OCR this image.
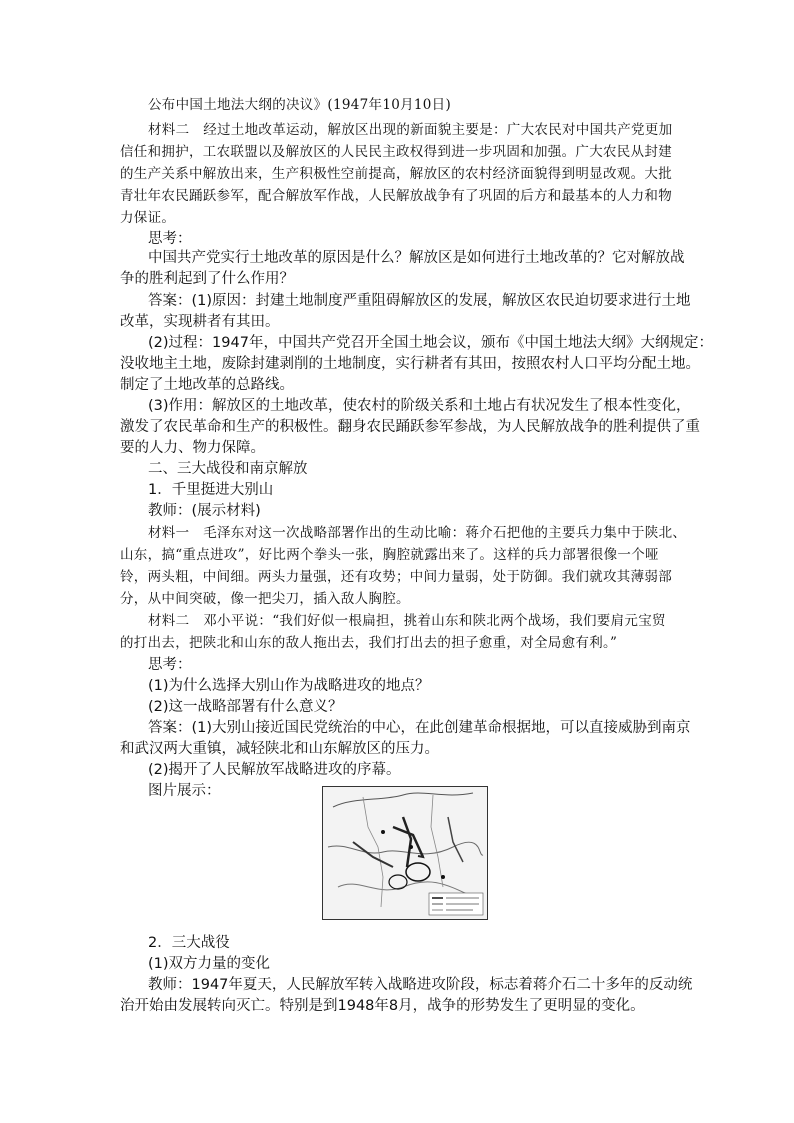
公布中国土地法大纲的决议》(1947年10月10日)
材料二　经过土地改革运动，解放区出现的新面貌主要是：广大农民对中国共产党更加
信任和拥护，工农联盟以及解放区的人民民主政权得到进一步巩固和加强。广大农民从封建
的生产关系中解放出来，生产积极性空前提高，解放区的农村经济面貌得到明显改观。大批
青壮年农民踊跃参军，配合解放军作战，人民解放战争有了巩固的后方和最基本的人力和物
力保证。
思考：
中国共产党实行土地改革的原因是什么？解放区是如何进行土地改革的？它对解放战
争的胜利起到了什么作用？
答案：(1)原因：封建土地制度严重阻碍解放区的发展，解放区农民迫切要求进行土地
改革，实现耕者有其田。
(2)过程：1947年，中国共产党召开全国土地会议，颁布《中国土地法大纲》大纲规定：
没收地主土地，废除封建剥削的土地制度，实行耕者有其田，按照农村人口平均分配土地。
制定了土地改革的总路线。
(3)作用：解放区的土地改革，使农村的阶级关系和土地占有状况发生了根本性变化，
激发了农民革命和生产的积极性。翻身农民踊跃参军参战，为人民解放战争的胜利提供了重
要的人力、物力保障。
二、三大战役和南京解放
1．千里挺进大别山
教师：(展示材料)
材料一　毛泽东对这一次战略部署作出的生动比喻：蒋介石把他的主要兵力集中于陕北、
山东，搞“重点进攻”，好比两个拳头一张，胸腔就露出来了。这样的兵力部署很像一个哑
铃，两头粗，中间细。两头力量强，还有攻势；中间力量弱，处于防御。我们就攻其薄弱部
分，从中间突破，像一把尖刀，插入敌人胸腔。
材料二　邓小平说：“我们好似一根扁担，挑着山东和陕北两个战场，我们要肩元宝贸
的打出去，把陕北和山东的敌人拖出去，我们打出去的担子愈重，对全局愈有利。”
思考：
(1)为什么选择大别山作为战略进攻的地点？
(2)这一战略部署有什么意义？
答案：(1)大别山接近国民党统治的中心，在此创建革命根据地，可以直接威胁到南京
和武汉两大重镇，减轻陕北和山东解放区的压力。
(2)揭开了人民解放军战略进攻的序幕。
图片展示：
2．三大战役
(1)双方力量的变化
教师：1947年夏天，人民解放军转入战略进攻阶段，标志着蒋介石二十多年的反动统
治开始由发展转向灭亡。特别是到1948年8月，战争的形势发生了更明显的变化。
